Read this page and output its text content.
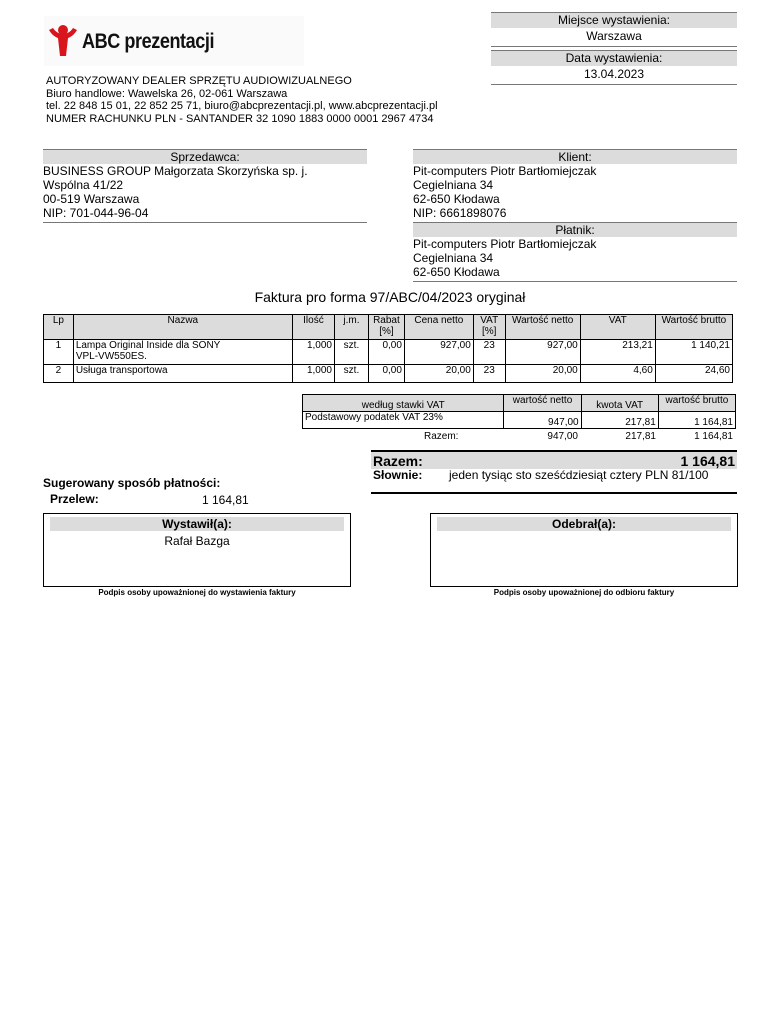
ABC prezentacji
Miejsce wystawienia:
Warszawa
Data wystawienia:
13.04.2023
AUTORYZOWANY DEALER SPRZĘTU AUDIOWIZUALNEGO
Biuro handlowe: Wawelska 26, 02-061 Warszawa
tel. 22 848 15 01, 22 852 25 71, biuro@abcprezentacji.pl, www.abcprezentacji.pl
NUMER RACHUNKU PLN - SANTANDER 32 1090 1883 0000 0001 2967 4734
Sprzedawca:
BUSINESS GROUP Małgorzata Skorzyńska sp. j.
Wspólna 41/22
00-519 Warszawa
NIP: 701-044-96-04
Klient:
Pit-computers Piotr Bartłomiejczak
Cegielniana 34
62-650 Kłodawa
NIP: 6661898076
Płatnik:
Pit-computers Piotr Bartłomiejczak
Cegielniana 34
62-650 Kłodawa
Faktura pro forma 97/ABC/04/2023 oryginał
Lp	Nazwa	Ilość	j.m.	Rabat
[%]	Cena netto	VAT
[%]	Wartość netto	VAT	Wartość brutto
1	Lampa Original Inside dla SONY
VPL-VW550ES.	1,000	szt.	0,00	927,00	23	927,00	213,21	1 140,21
2	Usługa transportowa	1,000	szt.	0,00	20,00	23	20,00	4,60	24,60
według stawki VAT	wartość netto	kwota VAT	wartość brutto
Podstawowy podatek VAT 23%	947,00	217,81	1 164,81
Razem:	947,00	217,81	1 164,81
Razem:	1 164,81
Słownie: jeden tysiąc sto sześćdziesiąt cztery PLN 81/100
Sugerowany sposób płatności:
Przelew:	1 164,81
Wystawił(a):
Rafał Bazga
Podpis osoby upoważnionej do wystawienia faktury
Odebrał(a):
Podpis osoby upoważnionej do odbioru faktury
